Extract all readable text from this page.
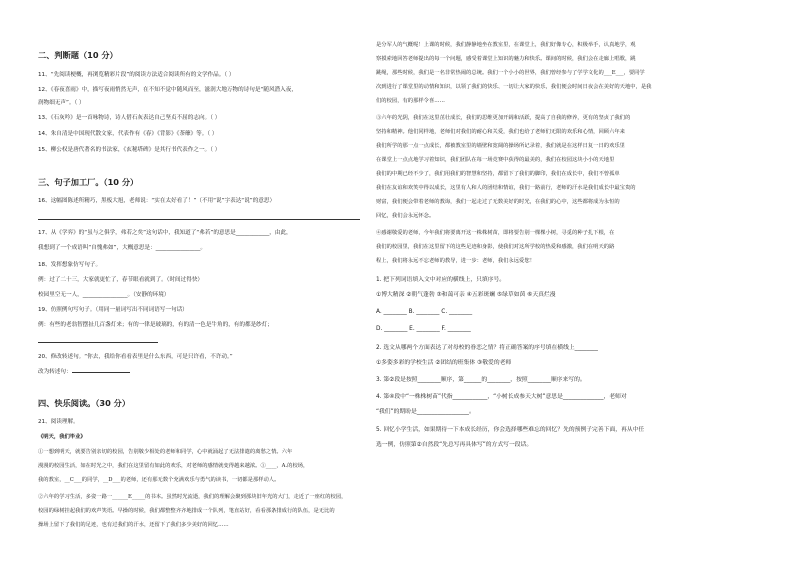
二、判断题（10 分）
11、“先阅读梗概，再浏览精彩片段”的阅读方法适合阅读所有的文学作品。（ ）
12、《春夜喜雨》中，描写夜雨悄然无声，在不知不觉中随风而至，滋润大地万物的诗句是“随风潜入夜，
润物细无声”。（ ）
13、《石灰吟》是一首咏物诗，诗人借石灰表达自己坚贞不屈的志向。（ ）
14、朱自清是中国现代散文家，代表作有《春》《背影》《荼蘼》等。（ ）
15、柳公权是唐代著名的书法家，《玄秘塔碑》是其行书代表作之一。（ ）
三、句子加工厂。（10 分）
16、这幅图陈述所精巧，黑板大旭，老师说：“实在太好看了！”（不用“说”字表达“说”的意思）
17、从《学弈》的“虽与之俱学，弗若之矣”这句话中，我知道了“弗若”的意思是____________，由此，
我想到了一个成语叫“自愧弗如”，大概意思是：________________。
18、发挥想象仿写句子。
例：过了二十三，大家就更忙了，春节眼看就到了。（时间过得快）
校园里空无一人，________________。（安静的环境）
19、仿照例句写句子。（用同一量词写出不同词语写一句话）
例：有些的老翁智摆扯几百盏灯来；有的一律是玻璃的，有的清一色是牛角的，有的都是纱灯；
20、修改转述句。“你去，我给你看看表里是什么东西，可是只许看，不许动。”
改为转述句：
四、快乐阅读。（30 分）
21、阅读理解。
《明天，我们毕业》
①一想到明天，就要告别亲切的校园，告别敬少相处的老师和同学，心中就涌起了无法排遣的离愁之情。六年
漫漫的校园生活，如在时光之中，我们在这里留有如此的欢乐，对老师的感情就变得越来越浓。①____，A.的校场，
我的教室，__C___的同学，__D___的老师，还有那无数个充满欢乐与勇气的读书，一切都是那样动人。
②六年的学习生活，多姿一路一______E_____的书本。虽然时光流逝，我们的理解会聚到那块旧年光的大门，走近了一座红的校园，
校园的绿树挂起我们的欢声笑语。早操的时候，我们都整整齐齐地排成一个队列，笔直站好，看看那条排成行的队伍，是无比的
操场上留下了我们的足迹，也有过我们的汗水，还留下了我们多少美好的回忆……
是分军人的气概呢！上课的时候，我们静静地坐在教室里，在课堂上，我们好像专心，积极举手，认真地学，观
察摸索地回答老师提出的每一个问题，感受着课堂上知识的魅力和快乐。课间的时候，我们会在走廊上唱歌，跳
跳绳，那些时候，我们是一名非常热闹的总统。我们一个小小的世界，我们曾经参与了学学文化的___E___，要同学
次到进行了课堂里的动情和知识，以领了我们的快乐、一切让大家的快乐，我们便会时间日夜会在美好的天地中，是我
们的校园，有的那样令喜……
③六年的光阴，我们在这里茁壮成长，我们的思维更加开阔和活跃，提高了自我的修养，更有的坚贞了我们的
坚持和精神。他们同样地，老师们对我们的耐心和关爱，我们也给了老师们无限的欢乐和心情，回顾六年来
我们所学的那一点一点成长，都被教室里的墙壁和宽阔的操场所记录着，我们就是在这样日复一日的欢乐里
在课堂上一点点地学习着知识，我们团队在每一场竞赛中获得的最美的，我们在校园这块小小的天地里
我们的中期已经不少了，我们用我们的智慧和坚持，都留下了我们的脚印，我们在成长中，我们不曾孤单
我们在友谊和欢笑中得以成长，这里有人和人的团结和情谊，我们一路前行，老师的汗水是我们成长中最宝贵的
财富，我们便会带着老师的教诲，我们一起走过了无数美好的时光，在我们的心中，这些都将成为永恒的
回忆，我们会永远怀念。
④感谢敬爱的老师，今年我们将要离开这一株株树苗，即将要告别一棵棵小树，寻觅的种子扎下根，在
我们的校园里，我们在这里留下的这些足迹和身影，使我们对这所学校的热爱和感激，我们在明天的路
程上，我们将永远不忘老师的教导，进一步：老师，我们永远爱您！
1. 把下列词语填入文中对应的横线上，只填序号。
①博大精深 ②朝气蓬勃 ③和蔼可亲 ④五彩斑斓 ⑤绿草如茵 ⑥天真烂漫
A. ________ B. ________ C. ________
D. ________ E. ________ F. ________
2. 选文从哪两个方面表达了对母校的眷恋之情？将正确答案的序号填在横线上________
①多姿多彩的学校生活 ②团结的班集体 ③敬爱的老师
3. 第②段是按照________顺序，第______的________，按照________顺序来写的。
4. 第④段中“一株株树苗”代指____________，“小树长成参天大树”意思是______________，老师对
“我们”的期盼是__________________。
5. 回忆小学生活，如果期待一下本成长经历，你会选择哪些难忘的回忆？先的预例子完善下面，再从中任
选一例，仿照第②自然段“先总写再具体写”的方式写一段话。
